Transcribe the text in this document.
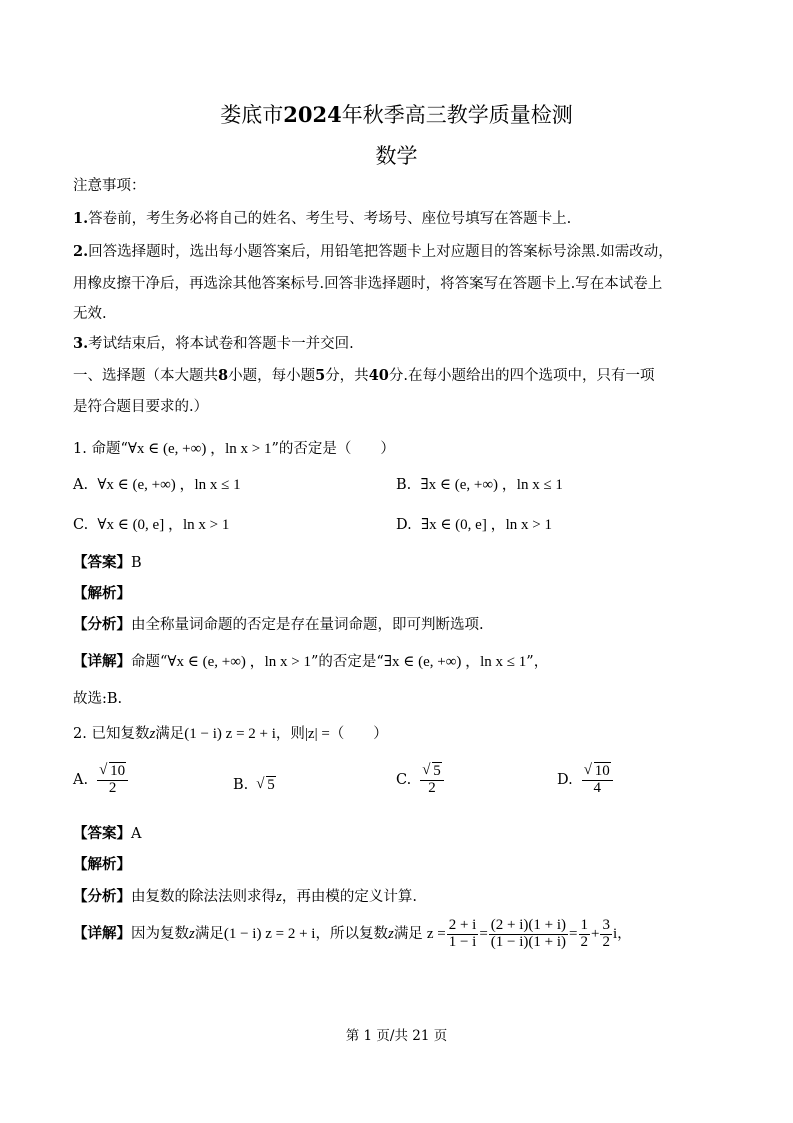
娄底市2024年秋季高三教学质量检测
数学
注意事项：
1.答卷前，考生务必将自己的姓名、考生号、考场号、座位号填写在答题卡上.
2.回答选择题时，选出每小题答案后，用铅笔把答题卡上对应题目的答案标号涂黑.如需改动，
用橡皮擦干净后，再选涂其他答案标号.回答非选择题时，将答案写在答题卡上.写在本试卷上
无效.
3.考试结束后，将本试卷和答题卡一并交回.
一、选择题（本大题共8小题，每小题5分，共40分.在每小题给出的四个选项中，只有一项
是符合题目要求的.）
1. 命题“∀x ∈ (e, +∞) ，ln x > 1”的否定是（　　）
A. ∀x ∈ (e, +∞) ，ln x ≤ 1	B. ∃x ∈ (e, +∞) ，ln x ≤ 1
C. ∀x ∈ (0, e] ，ln x > 1	D. ∃x ∈ (0, e] ，ln x > 1
【答案】B
【解析】
【分析】由全称量词命题的否定是存在量词命题，即可判断选项.
【详解】命题“∀x ∈ (e, +∞) ，ln x > 1”的否定是“∃x ∈ (e, +∞) ，ln x ≤ 1”，
故选:B.
2. 已知复数z满足(1 − i) z = 2 + i，则|z| =（　　）
A. √ $\frac{10}{2}$	B.	√ 5	C. √ $\frac{5}{2}$	D. √ $\frac{10}{4}$
【答案】A
【解析】
【分析】由复数的除法法则求得z，再由模的定义计算.
【详解】 因为复数 z 满足 (1 − i) z = 2 + i ，所以复数 z 满足 $z = \frac{2 + i}{1 - i} = \frac{(2 + i)(1 + i)}{(1 - i)(1 + i)} = \frac{1}{2} + \frac{3}{2}$ i ，
第 1 页/共 21 页
